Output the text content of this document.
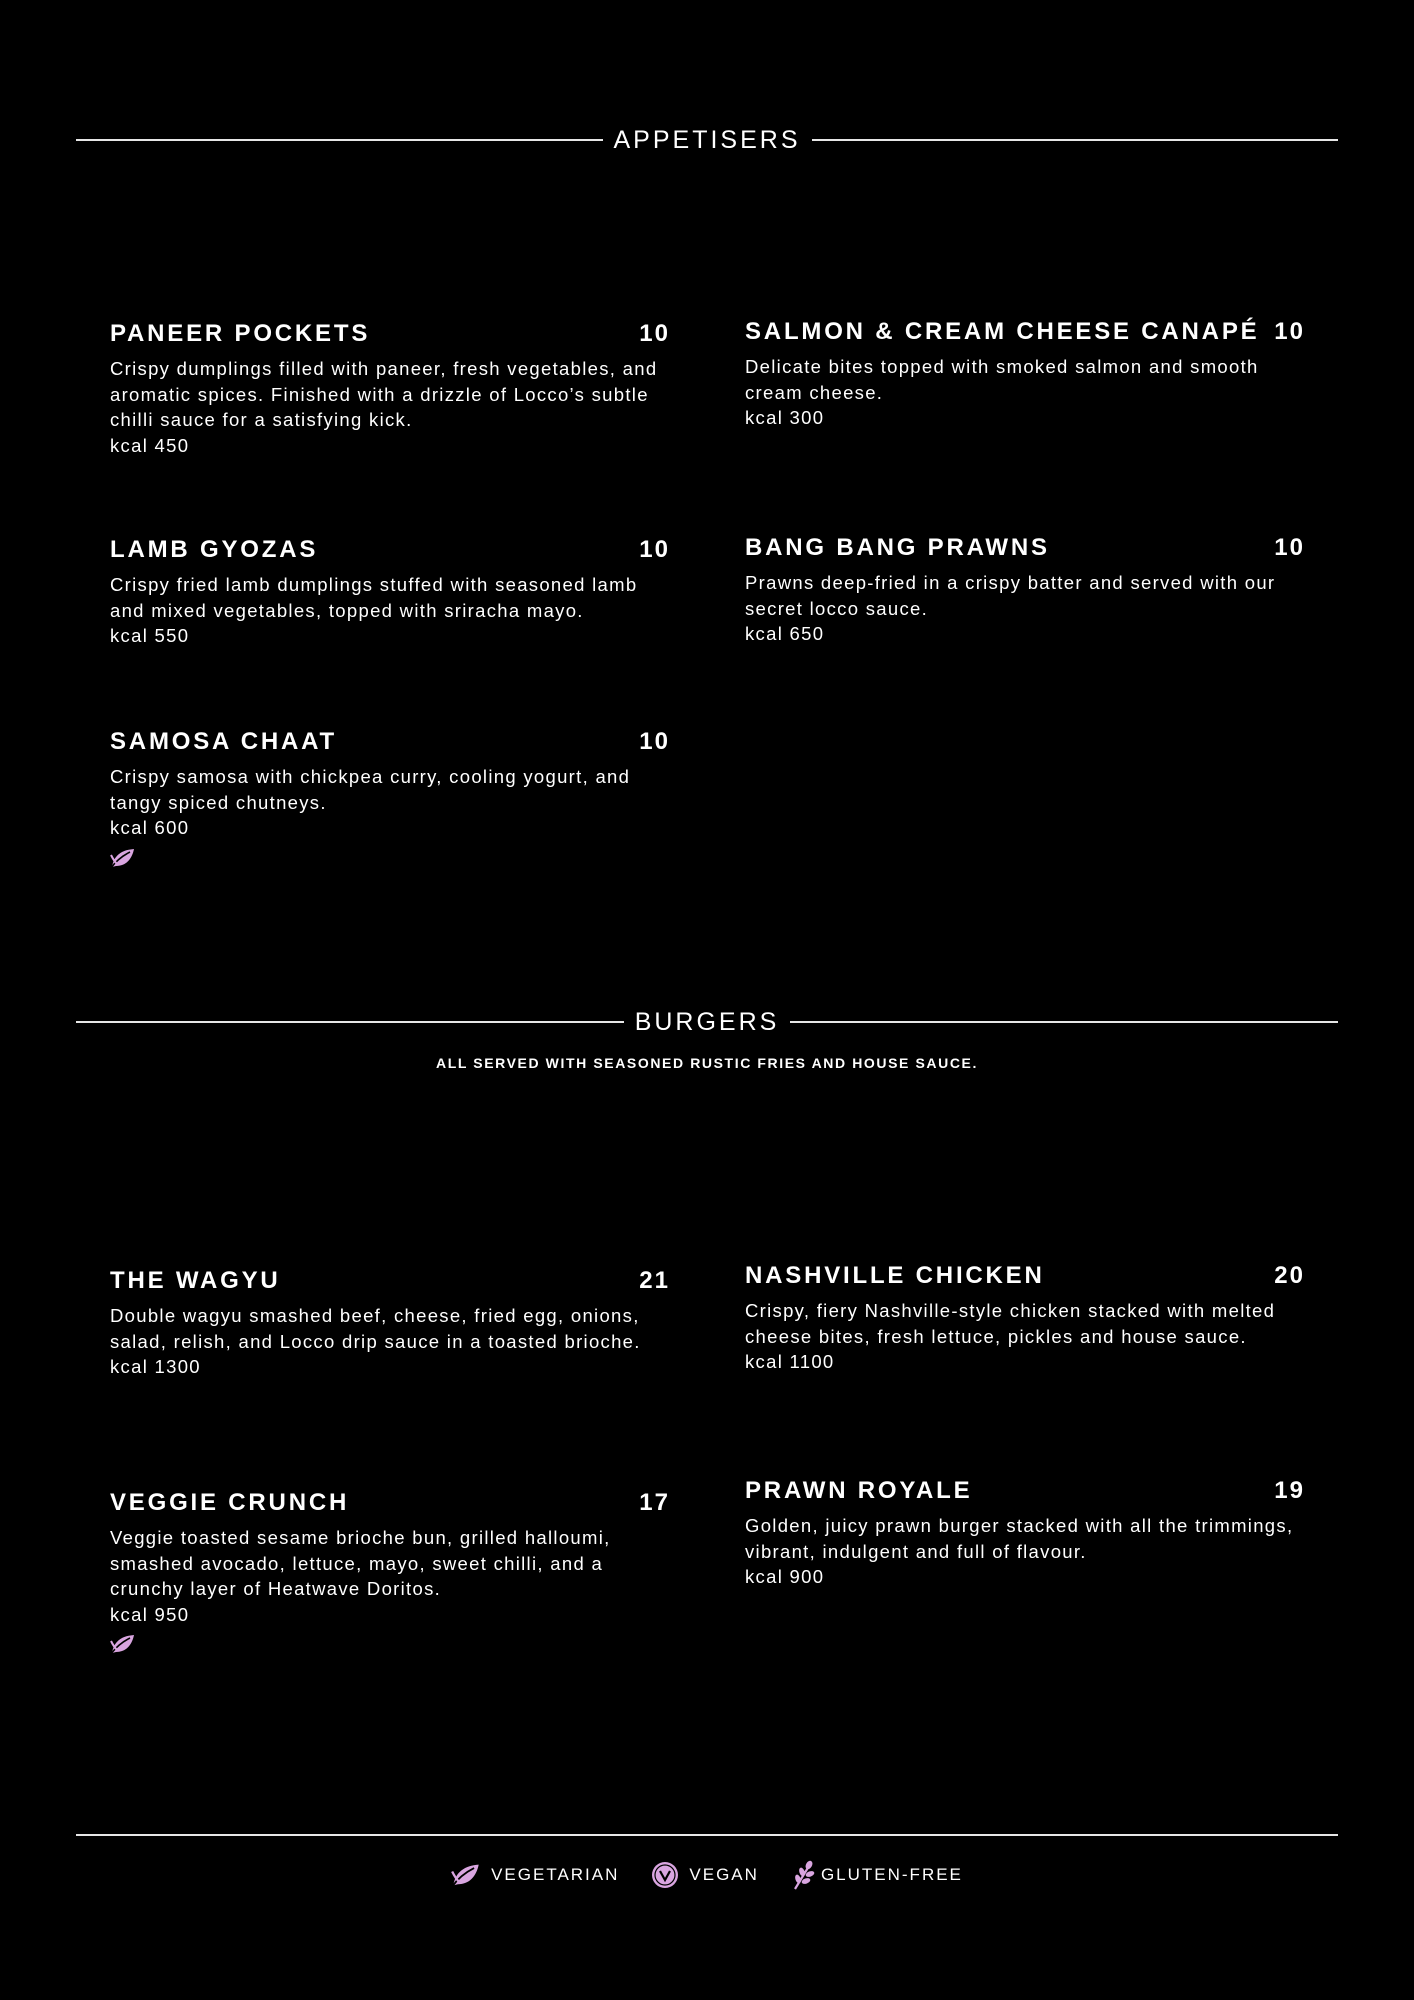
APPETISERS
PANEER POCKETS	10
Crispy dumplings filled with paneer, fresh vegetables, and aromatic spices. Finished with a drizzle of Locco’s subtle chilli sauce for a satisfying kick.
kcal 450
SALMON & CREAM CHEESE CANAPÉ 10
Delicate bites topped with smoked salmon and smooth cream cheese.
kcal 300
LAMB GYOZAS	10
Crispy fried lamb dumplings stuffed with seasoned lamb and mixed vegetables, topped with sriracha mayo.
kcal 550
BANG BANG PRAWNS	10
Prawns deep-fried in a crispy batter and served with our secret locco sauce.
kcal 650
SAMOSA CHAAT	10
Crispy samosa with chickpea curry, cooling yogurt, and tangy spiced chutneys.
kcal 600
BURGERS
ALL SERVED WITH SEASONED RUSTIC FRIES AND HOUSE SAUCE.
THE WAGYU	21
Double wagyu smashed beef, cheese, fried egg, onions, salad, relish, and Locco drip sauce in a toasted brioche.
kcal 1300
NASHVILLE CHICKEN	20
Crispy, fiery Nashville-style chicken stacked with melted cheese bites, fresh lettuce, pickles and house sauce.
kcal 1100
VEGGIE CRUNCH	17
Veggie toasted sesame brioche bun, grilled halloumi, smashed avocado, lettuce, mayo, sweet chilli, and a crunchy layer of Heatwave Doritos.
kcal 950
PRAWN ROYALE	19
Golden, juicy prawn burger stacked with all the trimmings, vibrant, indulgent and full of flavour.
kcal 900
VEGETARIAN	VEGAN	GLUTEN-FREE
